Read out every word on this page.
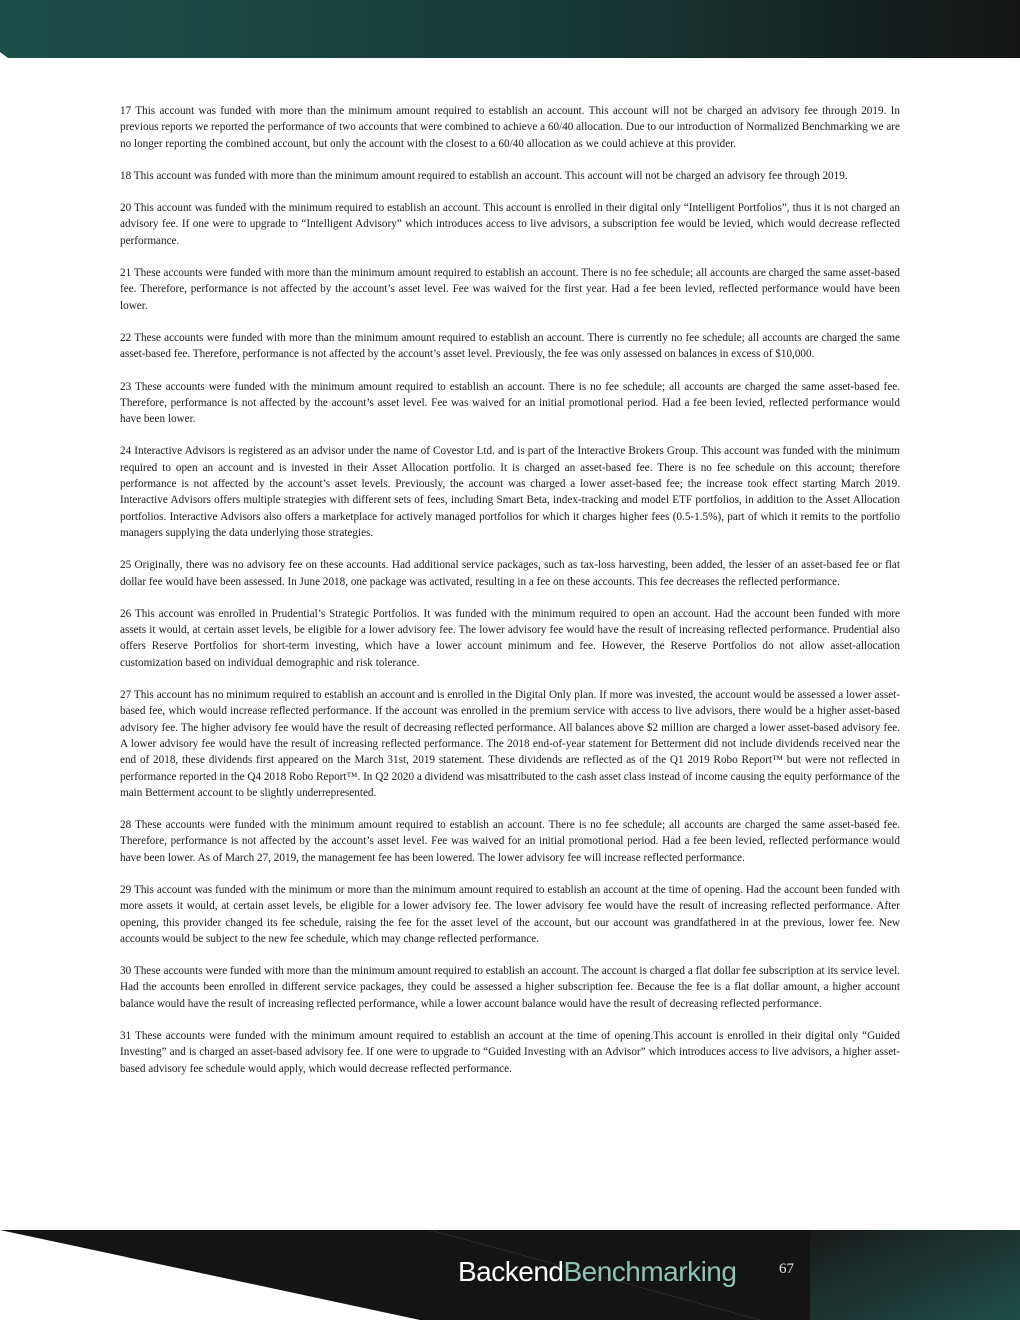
17 This account was funded with more than the minimum amount required to establish an account. This account will not be charged an advisory fee through 2019. In previous reports we reported the performance of two accounts that were combined to achieve a 60/40 allocation. Due to our introduction of Normalized Benchmarking we are no longer reporting the combined account, but only the account with the closest to a 60/40 allocation as we could achieve at this provider.

18 This account was funded with more than the minimum amount required to establish an account. This account will not be charged an advisory fee through 2019.

20 This account was funded with the minimum required to establish an account. This account is enrolled in their digital only “Intelligent Portfolios”, thus it is not charged an advisory fee. If one were to upgrade to “Intelligent Advisory” which introduces access to live advisors, a subscription fee would be levied, which would decrease reflected performance.

21 These accounts were funded with more than the minimum amount required to establish an account. There is no fee schedule; all accounts are charged the same asset-based fee. Therefore, performance is not affected by the account’s asset level. Fee was waived for the first year. Had a fee been levied, reflected performance would have been lower.

22 These accounts were funded with more than the minimum amount required to establish an account. There is currently no fee schedule; all accounts are charged the same asset-based fee. Therefore, performance is not affected by the account’s asset level. Previously, the fee was only assessed on balances in excess of $10,000.

23 These accounts were funded with the minimum amount required to establish an account. There is no fee schedule; all accounts are charged the same asset-based fee. Therefore, performance is not affected by the account’s asset level. Fee was waived for an initial promotional period. Had a fee been levied, reflected performance would have been lower.

24 Interactive Advisors is registered as an advisor under the name of Covestor Ltd. and is part of the Interactive Brokers Group. This account was funded with the minimum required to open an account and is invested in their Asset Allocation portfolio. It is charged an asset-based fee. There is no fee schedule on this account; therefore performance is not affected by the account’s asset levels. Previously, the account was charged a lower asset-based fee; the increase took effect starting March 2019. Interactive Advisors offers multiple strategies with different sets of fees, including Smart Beta, index-tracking and model ETF portfolios, in addition to the Asset Allocation portfolios. Interactive Advisors also offers a marketplace for actively managed portfolios for which it charges higher fees (0.5-1.5%), part of which it remits to the portfolio managers supplying the data underlying those strategies.

25 Originally, there was no advisory fee on these accounts. Had additional service packages, such as tax-loss harvesting, been added, the lesser of an asset-based fee or flat dollar fee would have been assessed. In June 2018, one package was activated, resulting in a fee on these accounts. This fee decreases the reflected performance.

26 This account was enrolled in Prudential’s Strategic Portfolios. It was funded with the minimum required to open an account. Had the account been funded with more assets it would, at certain asset levels, be eligible for a lower advisory fee. The lower advisory fee would have the result of increasing reflected performance. Prudential also offers Reserve Portfolios for short-term investing, which have a lower account minimum and fee. However, the Reserve Portfolios do not allow asset-allocation customization based on individual demographic and risk tolerance.

27 This account has no minimum required to establish an account and is enrolled in the Digital Only plan. If more was invested, the account would be assessed a lower asset-based fee, which would increase reflected performance. If the account was enrolled in the premium service with access to live advisors, there would be a higher asset-based advisory fee. The higher advisory fee would have the result of decreasing reflected performance. All balances above $2 million are charged a lower asset-based advisory fee. A lower advisory fee would have the result of increasing reflected performance. The 2018 end-of-year statement for Betterment did not include dividends received near the end of 2018, these dividends first appeared on the March 31st, 2019 statement. These dividends are reflected as of the Q1 2019 Robo Report™ but were not reflected in performance reported in the Q4 2018 Robo Report™. In Q2 2020 a dividend was misattributed to the cash asset class instead of income causing the equity performance of the main Betterment account to be slightly underrepresented.

28 These accounts were funded with the minimum amount required to establish an account. There is no fee schedule; all accounts are charged the same asset-based fee. Therefore, performance is not affected by the account’s asset level. Fee was waived for an initial promotional period. Had a fee been levied, reflected performance would have been lower. As of March 27, 2019, the management fee has been lowered. The lower advisory fee will increase reflected performance.

29 This account was funded with the minimum or more than the minimum amount required to establish an account at the time of opening. Had the account been funded with more assets it would, at certain asset levels, be eligible for a lower advisory fee. The lower advisory fee would have the result of increasing reflected performance. After opening, this provider changed its fee schedule, raising the fee for the asset level of the account, but our account was grandfathered in at the previous, lower fee. New accounts would be subject to the new fee schedule, which may change reflected performance.

30 These accounts were funded with more than the minimum amount required to establish an account. The account is charged a flat dollar fee subscription at its service level. Had the accounts been enrolled in different service packages, they could be assessed a higher subscription fee. Because the fee is a flat dollar amount, a higher account balance would have the result of increasing reflected performance, while a lower account balance would have the result of decreasing reflected performance.

31 These accounts were funded with the minimum amount required to establish an account at the time of opening.This account is enrolled in their digital only “Guided Investing” and is charged an asset-based advisory fee. If one were to upgrade to “Guided Investing with an Advisor” which introduces access to live advisors, a higher asset-based advisory fee schedule would apply, which would decrease reflected performance.

BackendBenchmarking	67
